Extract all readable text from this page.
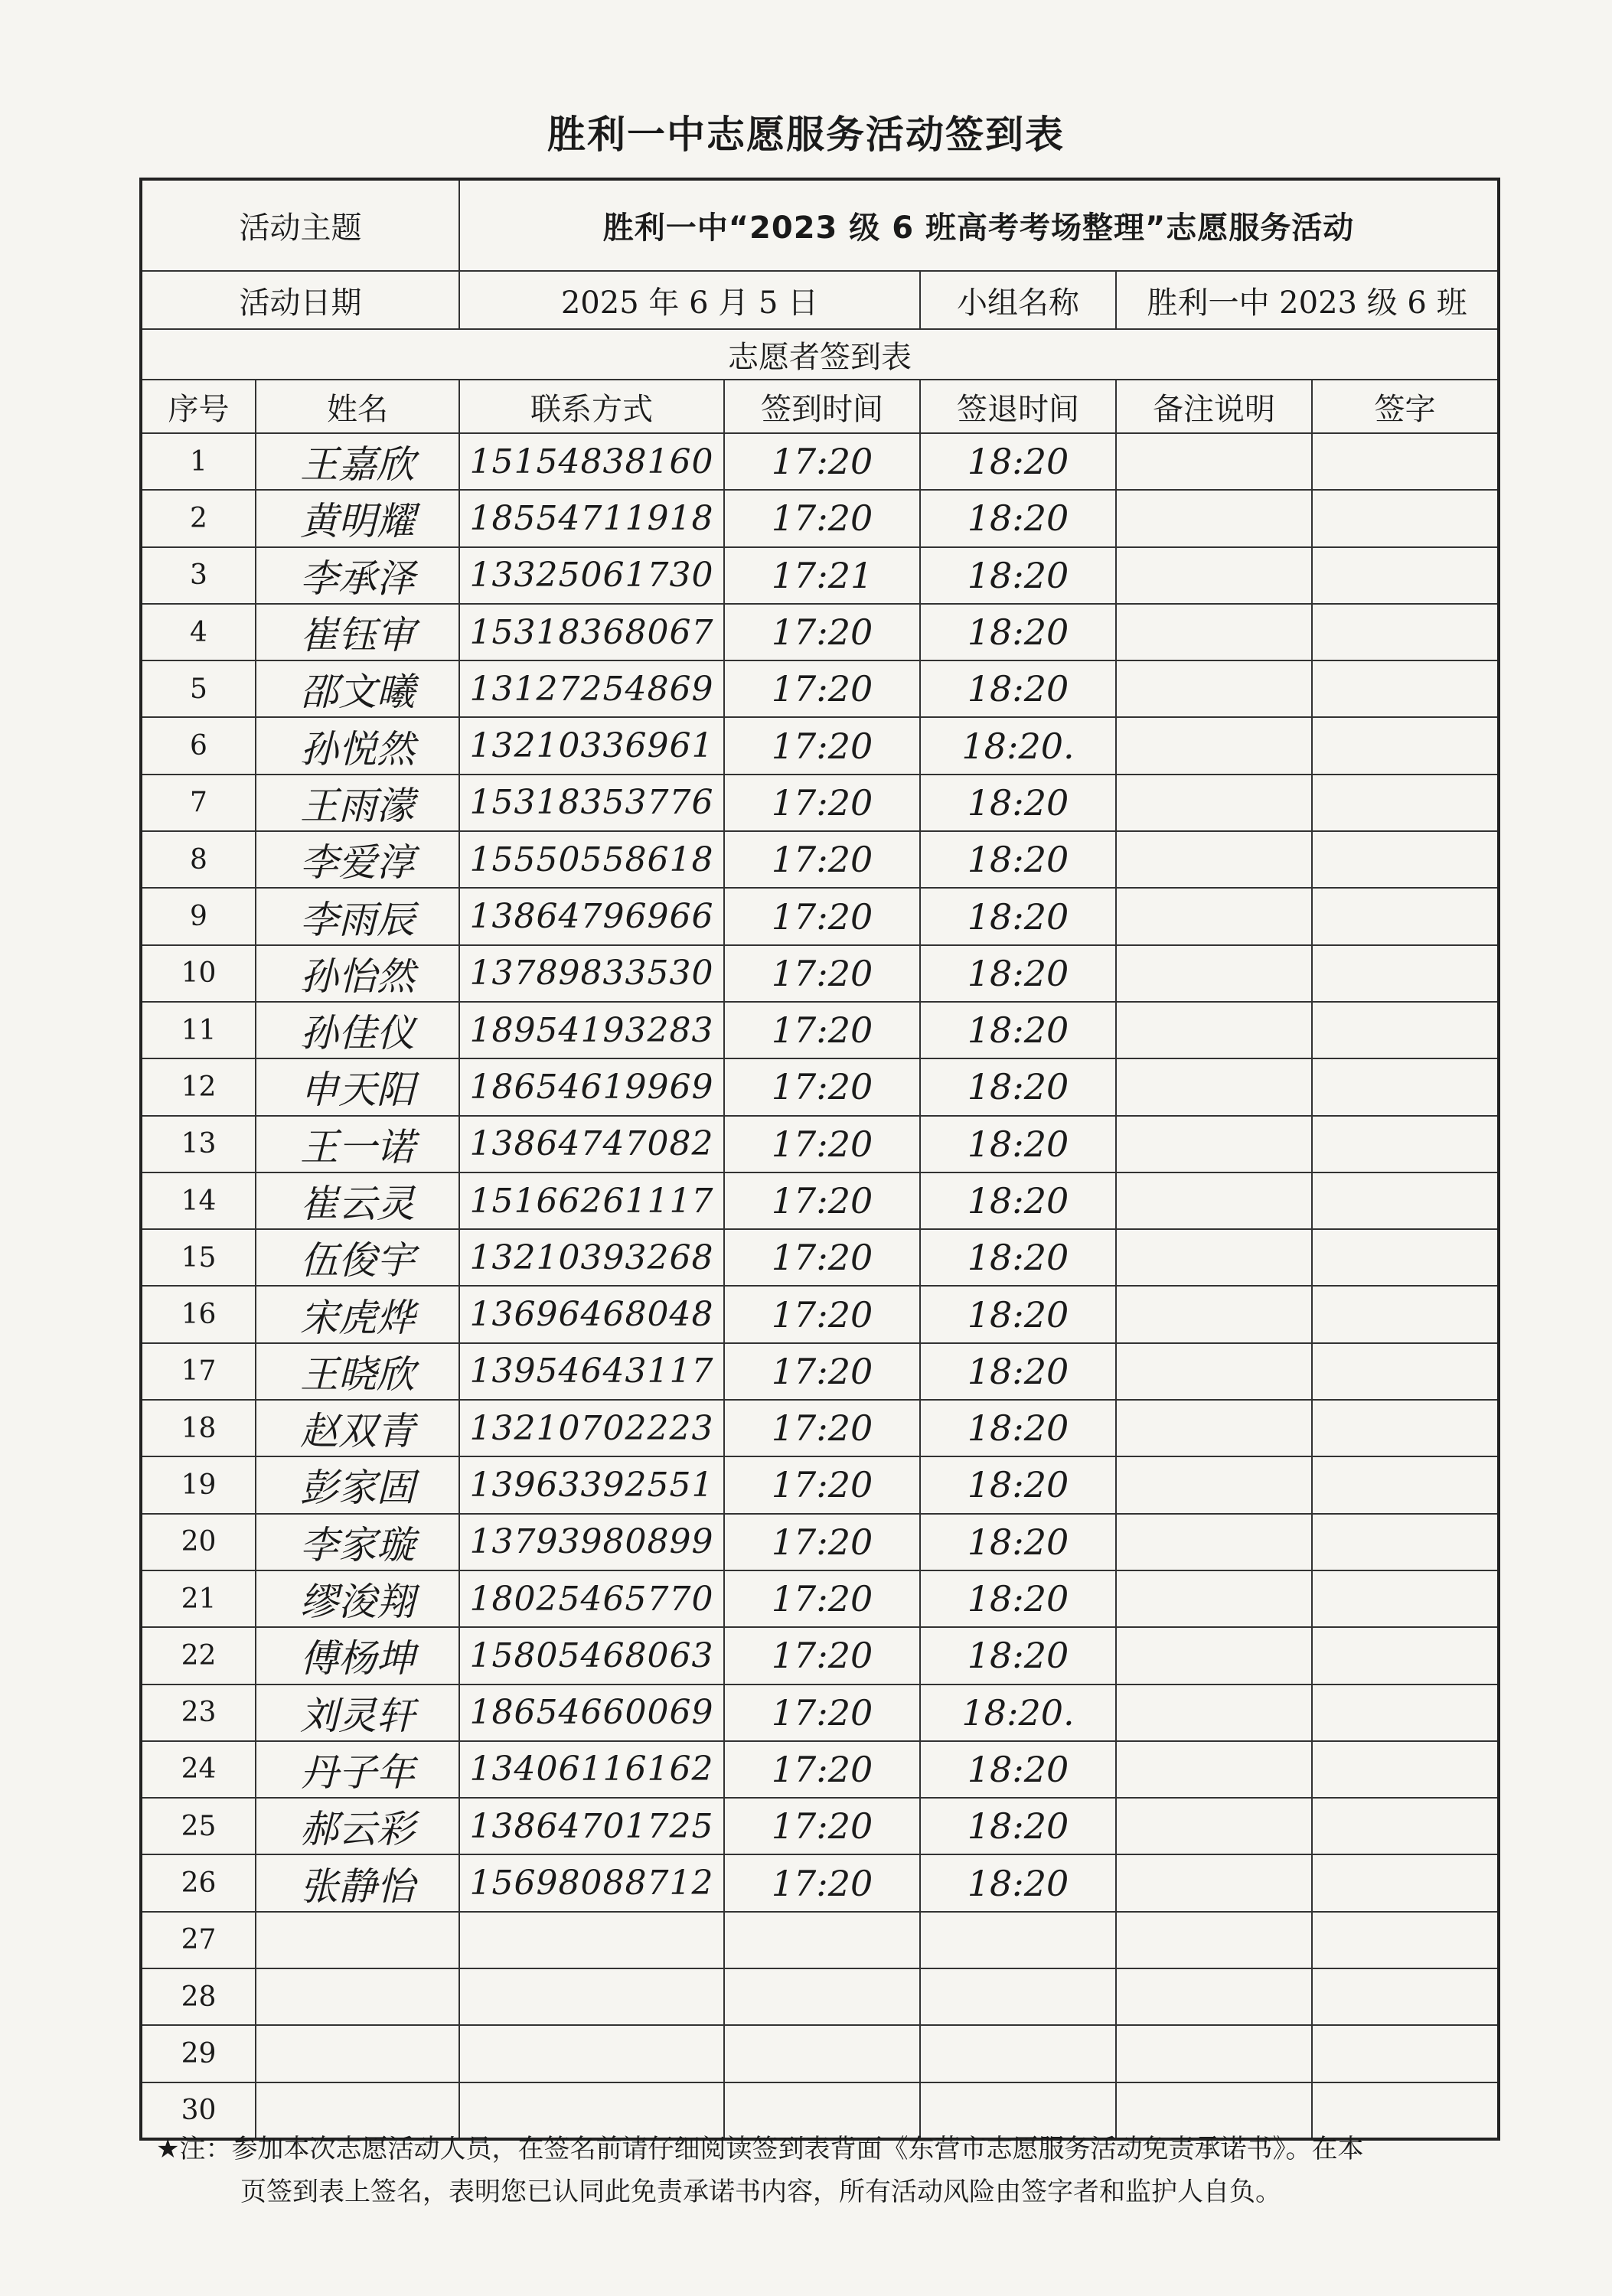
胜利一中志愿服务活动签到表
活动主题		胜利一中“2023 级 6 班高考考场整理”志愿服务活动				
活动日期		2025 年 6 月 5 日		小组名称	胜利一中 2023 级 6 班	
志愿者签到表						
序号	姓名	联系方式	签到时间	签退时间	备注说明	签字
1	王嘉欣	15154838160	17:20	18:20		
2	黄明耀	18554711918	17:20	18:20		
3	李承泽	13325061730	17:21	18:20		
4	崔钰审	15318368067	17:20	18:20		
5	邵文曦	13127254869	17:20	18:20		
6	孙悦然	13210336961	17:20	18:20.		
7	王雨濛	15318353776	17:20	18:20		
8	李爱淳	15550558618	17:20	18:20		
9	李雨辰	13864796966	17:20	18:20		
10	孙怡然	13789833530	17:20	18:20		
11	孙佳仪	18954193283	17:20	18:20		
12	申天阳	18654619969	17:20	18:20		
13	王一诺	13864747082	17:20	18:20		
14	崔云灵	15166261117	17:20	18:20		
15	伍俊宇	13210393268	17:20	18:20		
16	宋虎烨	13696468048	17:20	18:20		
17	王晓欣	13954643117	17:20	18:20		
18	赵双青	13210702223	17:20	18:20		
19	彭家固	13963392551	17:20	18:20		
20	李家璇	13793980899	17:20	18:20		
21	缪浚翔	18025465770	17:20	18:20		
22	傅杨坤	15805468063	17:20	18:20		
23	刘灵轩	18654660069	17:20	18:20.		
24	丹子年	13406116162	17:20	18:20		
25	郝云彩	13864701725	17:20	18:20		
26	张静怡	15698088712	17:20	18:20		
27						
28						
29						
30						
★注：参加本次志愿活动人员，在签名前请仔细阅读签到表背面《东营市志愿服务活动免责承诺书》。在本
页签到表上签名，表明您已认同此免责承诺书内容，所有活动风险由签字者和监护人自负。
